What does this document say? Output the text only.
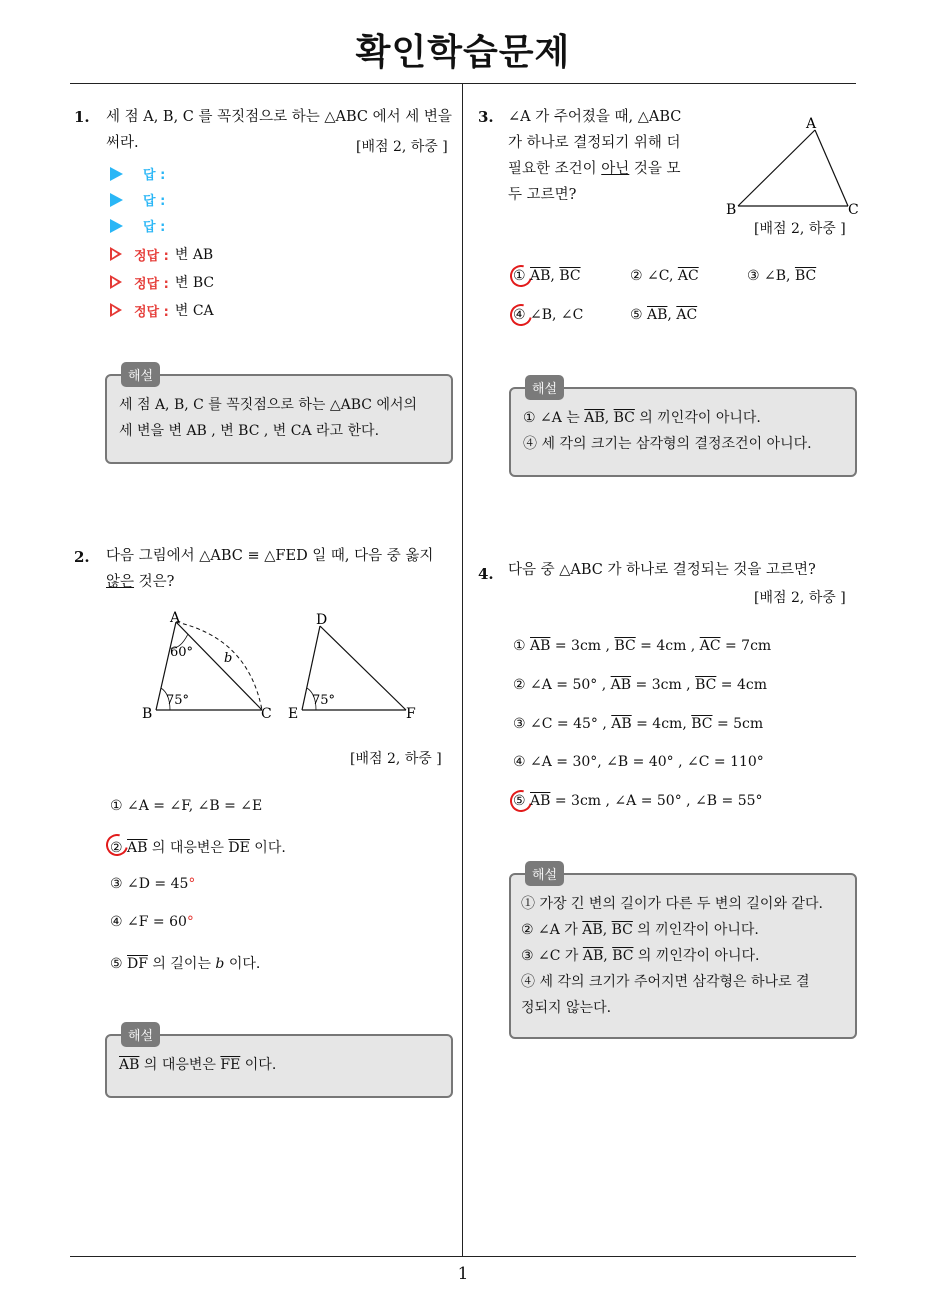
확인학습문제
1
1. 세 점 A, B, C 를 꼭짓점으로 하는 △ABC 에서 세 변을
써라.	[배점 2, 하중 ]
답 :
답 :
답 :
정답 : 변 AB
정답 : 변 BC
정답 : 변 CA
해설
세 점 A, B, C 를 꼭짓점으로 하는 △ABC 에서의
세 변을 변 AB , 변 BC , 변 CA 라고 한다.
2. 다음 그림에서 △ABC ≡ △FED 일 때, 다음 중 옳지
않은 것은?
A
B	C
60°
75°
b
D
E	F
75°
[배점 2, 하중 ]
① ∠A = ∠F, ∠B = ∠E
② $\overline{AB}$ 의 대응변은 $\overline{DE}$ 이다.
③ ∠D = 45°
④ ∠F = 60°
⑤ $\overline{DF}$ 의 길이는 b 이다.
해설
$\overline{AB}$ 의 대응변은 $\overline{FE}$ 이다.
3. ∠A 가 주어졌을 때, △ABC
가 하나로 결정되기 위해 더
필요한 조건이 아닌 것을 모
두 고르면?
A
B	C
[배점 2, 하중 ]
① $\overline{AB}$, $\overline{BC}$	② ∠C, $\overline{AC}$	③ ∠B, $\overline{BC}$
④ ∠B, ∠C	⑤ $\overline{AB}$, $\overline{AC}$
해설
① ∠A 는 $\overline{AB}$, $\overline{BC}$ 의 끼인각이 아니다.
④ 세 각의 크기는 삼각형의 결정조건이 아니다.
4. 다음 중 △ABC 가 하나로 결정되는 것을 고르면?
[배점 2, 하중 ]
① $\overline{AB} = 3cm$ , $\overline{BC} = 4cm$ , $\overline{AC} = 7cm$
② ∠A = 50° , $\overline{AB} = 3cm$ , $\overline{BC} = 4cm$
③ ∠C = 45° , $\overline{AB} = 4cm$, $\overline{BC} = 5cm$
④ ∠A = 30°, ∠B = 40° , ∠C = 110°
⑤ $\overline{AB} = 3cm$ , ∠A = 50° , ∠B = 55°
해설
① 가장 긴 변의 길이가 다른 두 변의 길이와 같다.
② ∠A 가 $\overline{AB}$, $\overline{BC}$ 의 끼인각이 아니다.
③ ∠C 가 $\overline{AB}$, $\overline{BC}$ 의 끼인각이 아니다.
④ 세 각의 크기가 주어지면 삼각형은 하나로 결
정되지 않는다.
